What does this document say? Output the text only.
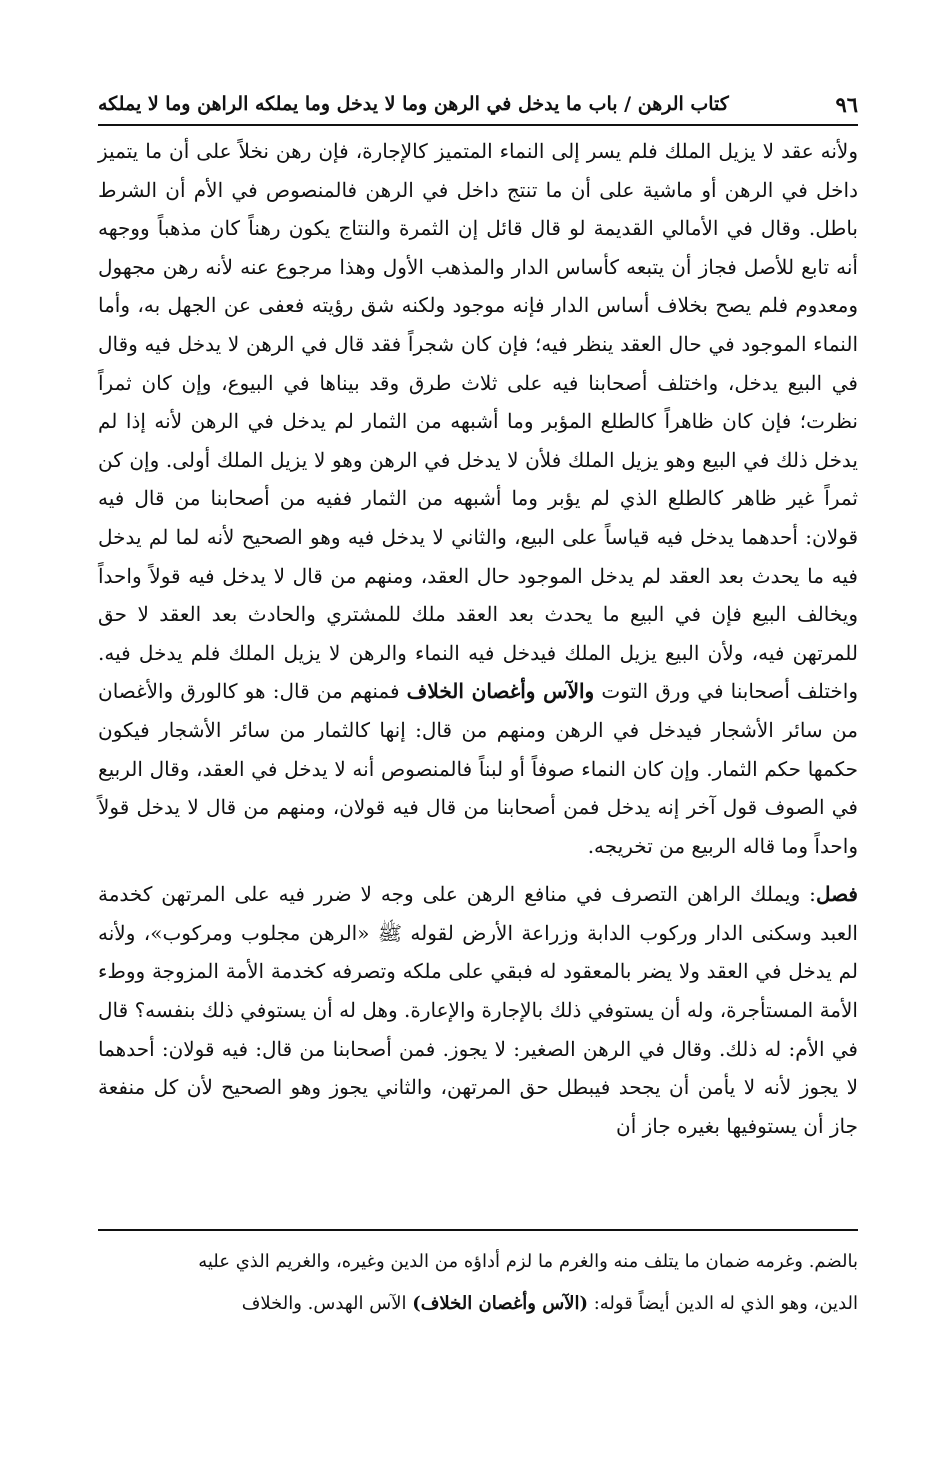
٩٦
كتاب الرهن / باب ما يدخل في الرهن وما لا يدخل وما يملكه الراهن وما لا يملكه

ولأنه عقد لا يزيل الملك فلم يسر إلى النماء المتميز كالإجارة، فإن رهن نخلاً على أن ما يتميز داخل في الرهن أو ماشية على أن ما تنتج داخل في الرهن فالمنصوص في الأم أن الشرط باطل. وقال في الأمالي القديمة لو قال قائل إن الثمرة والنتاج يكون رهناً كان مذهباً ووجهه أنه تابع للأصل فجاز أن يتبعه كأساس الدار والمذهب الأول وهذا مرجوع عنه لأنه رهن مجهول ومعدوم فلم يصح بخلاف أساس الدار فإنه موجود ولكنه شق رؤيته فعفى عن الجهل به، وأما النماء الموجود في حال العقد ينظر فيه؛ فإن كان شجراً فقد قال في الرهن لا يدخل فيه وقال في البيع يدخل، واختلف أصحابنا فيه على ثلاث طرق وقد بيناها في البيوع، وإن كان ثمراً نظرت؛ فإن كان ظاهراً كالطلع المؤبر وما أشبهه من الثمار لم يدخل في الرهن لأنه إذا لم يدخل ذلك في البيع وهو يزيل الملك فلأن لا يدخل في الرهن وهو لا يزيل الملك أولى. وإن كن ثمراً غير ظاهر كالطلع الذي لم يؤبر وما أشبهه من الثمار ففيه من أصحابنا من قال فيه قولان: أحدهما يدخل فيه قياساً على البيع، والثاني لا يدخل فيه وهو الصحيح لأنه لما لم يدخل فيه ما يحدث بعد العقد لم يدخل الموجود حال العقد، ومنهم من قال لا يدخل فيه قولاً واحداً ويخالف البيع فإن في البيع ما يحدث بعد العقد ملك للمشتري والحادث بعد العقد لا حق للمرتهن فيه، ولأن البيع يزيل الملك فيدخل فيه النماء والرهن لا يزيل الملك فلم يدخل فيه. واختلف أصحابنا في ورق التوت والآس وأغصان الخلاف فمنهم من قال: هو كالورق والأغصان من سائر الأشجار فيدخل في الرهن ومنهم من قال: إنها كالثمار من سائر الأشجار فيكون حكمها حكم الثمار. وإن كان النماء صوفاً أو لبناً فالمنصوص أنه لا يدخل في العقد، وقال الربيع في الصوف قول آخر إنه يدخل فمن أصحابنا من قال فيه قولان، ومنهم من قال لا يدخل قولاً واحداً وما قاله الربيع من تخريجه.

فصل: ويملك الراهن التصرف في منافع الرهن على وجه لا ضرر فيه على المرتهن كخدمة العبد وسكنى الدار وركوب الدابة وزراعة الأرض لقوله ﷺ «الرهن مجلوب ومركوب»، ولأنه لم يدخل في العقد ولا يضر بالمعقود له فبقي على ملكه وتصرفه كخدمة الأمة المزوجة ووطء الأمة المستأجرة، وله أن يستوفي ذلك بالإجارة والإعارة. وهل له أن يستوفي ذلك بنفسه؟ قال في الأم: له ذلك. وقال في الرهن الصغير: لا يجوز. فمن أصحابنا من قال: فيه قولان: أحدهما لا يجوز لأنه لا يأمن أن يجحد فيبطل حق المرتهن، والثاني يجوز وهو الصحيح لأن كل منفعة جاز أن يستوفيها بغيره جاز أن

بالضم. وغرمه ضمان ما يتلف منه والغرم ما لزم أداؤه من الدين وغيره، والغريم الذي عليه

الدين، وهو الذي له الدين أيضاً قوله: (الآس وأغصان الخلاف) الآس الهدس. والخلاف
